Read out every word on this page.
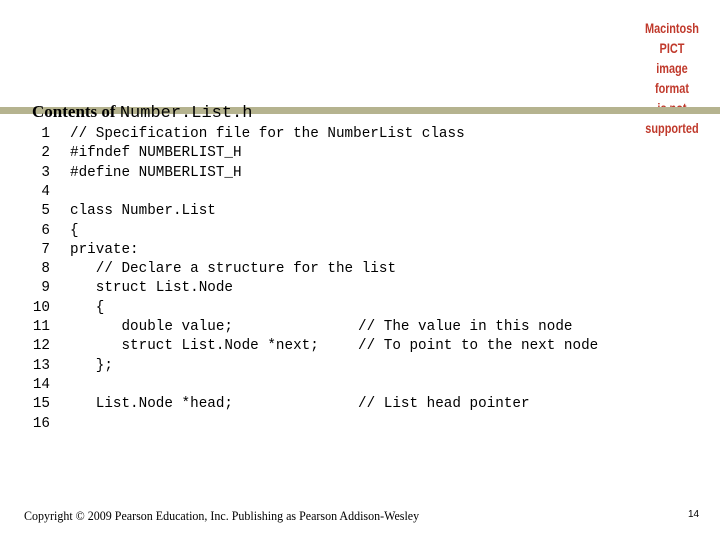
Macintosh PICT
image format
supported
Contents of Number.List.h
1 // Specification file for the NumberList class
2 #ifndef NUMBERLIST_H
3 #define NUMBERLIST_H
4
5 class Number.List
6 {
7 private:
8 // Declare a structure for the list
9 struct List.Node
10 {
11 double value;	// The value in this node
12 struct List.Node *next;	// To point to the next node
13 };
14
15 List.Node *head;	// List head pointer
16
Copyright © 2009 Pearson Education, Inc. Publishing as Pearson Addison-Wesley	14
